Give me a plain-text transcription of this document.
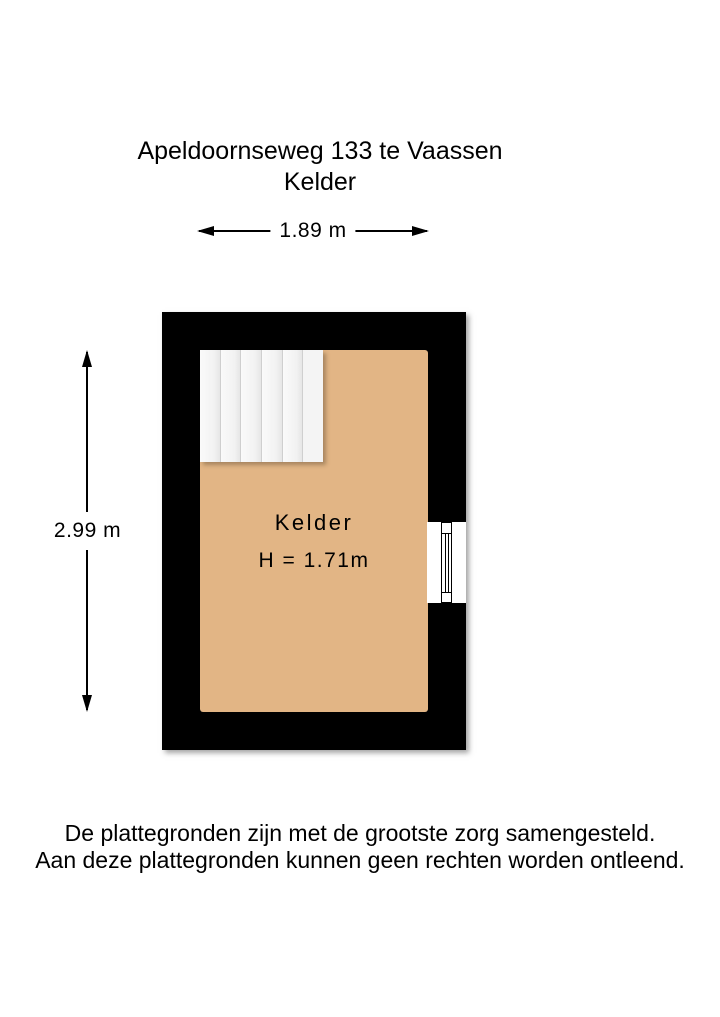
Apeldoornseweg 133 te Vaassen
Kelder
1.89 m
2.99 m	Kelder
H = 1.71m
De plattegronden zijn met de grootste zorg samengesteld.
Aan deze plattegronden kunnen geen rechten worden ontleend.
